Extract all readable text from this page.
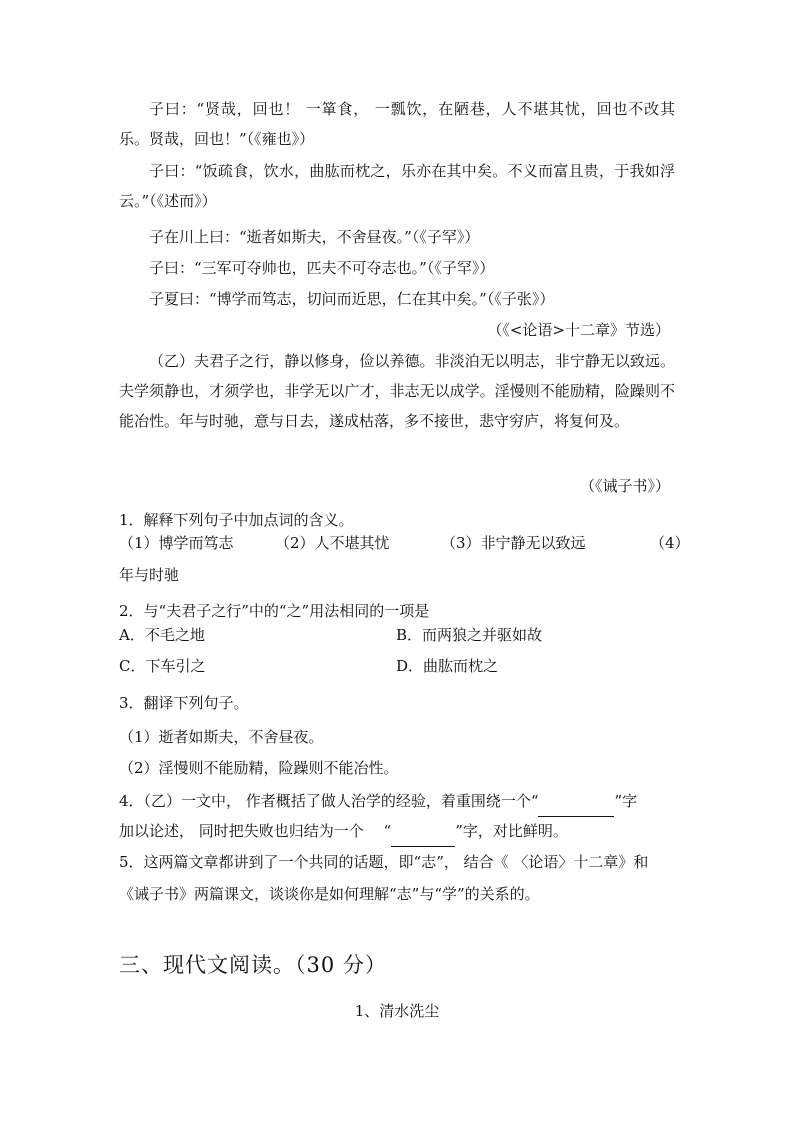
子曰：“贤哉，回也！ 一箪食， 一瓢饮，在陋巷，人不堪其忧，回也不改其乐。贤哉，回也！”（《雍也》）
子曰：“饭疏食，饮水，曲肱而枕之，乐亦在其中矣。不义而富且贵，于我如浮云。”（《述而》）
子在川上曰：“逝者如斯夫，不舍昼夜。”（《子罕》）
子曰：“三军可夺帅也，匹夫不可夺志也。”（《子罕》）
子夏曰：“博学而笃志，切问而近思，仁在其中矣。”（《子张》）
（《<论语>十二章》节选）
（乙）夫君子之行，静以修身，俭以养德。非淡泊无以明志，非宁静无以致远。夫学须静也，才须学也，非学无以广才，非志无以成学。淫慢则不能励精，险躁则不能冶性。年与时驰，意与日去，遂成枯落，多不接世，悲守穷庐，将复何及。
（《诫子书》）
1．解释下列句子中加点词的含义。
（1）博学而笃志	（2）人不堪其忧	（3）非宁静无以致远	（4）
年与时驰
2．与“夫君子之行”中的“之”用法相同的一项是
A．不毛之地	B．而两狼之并驱如故
C．下车引之	D．曲肱而枕之
3．翻译下列句子。
（1）逝者如斯夫，不舍昼夜。
（2）淫慢则不能励精，险躁则不能冶性。
4．（乙）一文中， 作者概括了做人治学的经验，着重围绕一个“	”字
加以论述， 同时把失败也归结为一个　 “	”字，对比鲜明。
5．这两篇文章都讲到了一个共同的话题，即“志”， 结合《 〈论语〉十二章》和
《诫子书》两篇课文，谈谈你是如何理解“志”与“学”的关系的。
三、现代文阅读。（30 分）
1、清水洗尘
